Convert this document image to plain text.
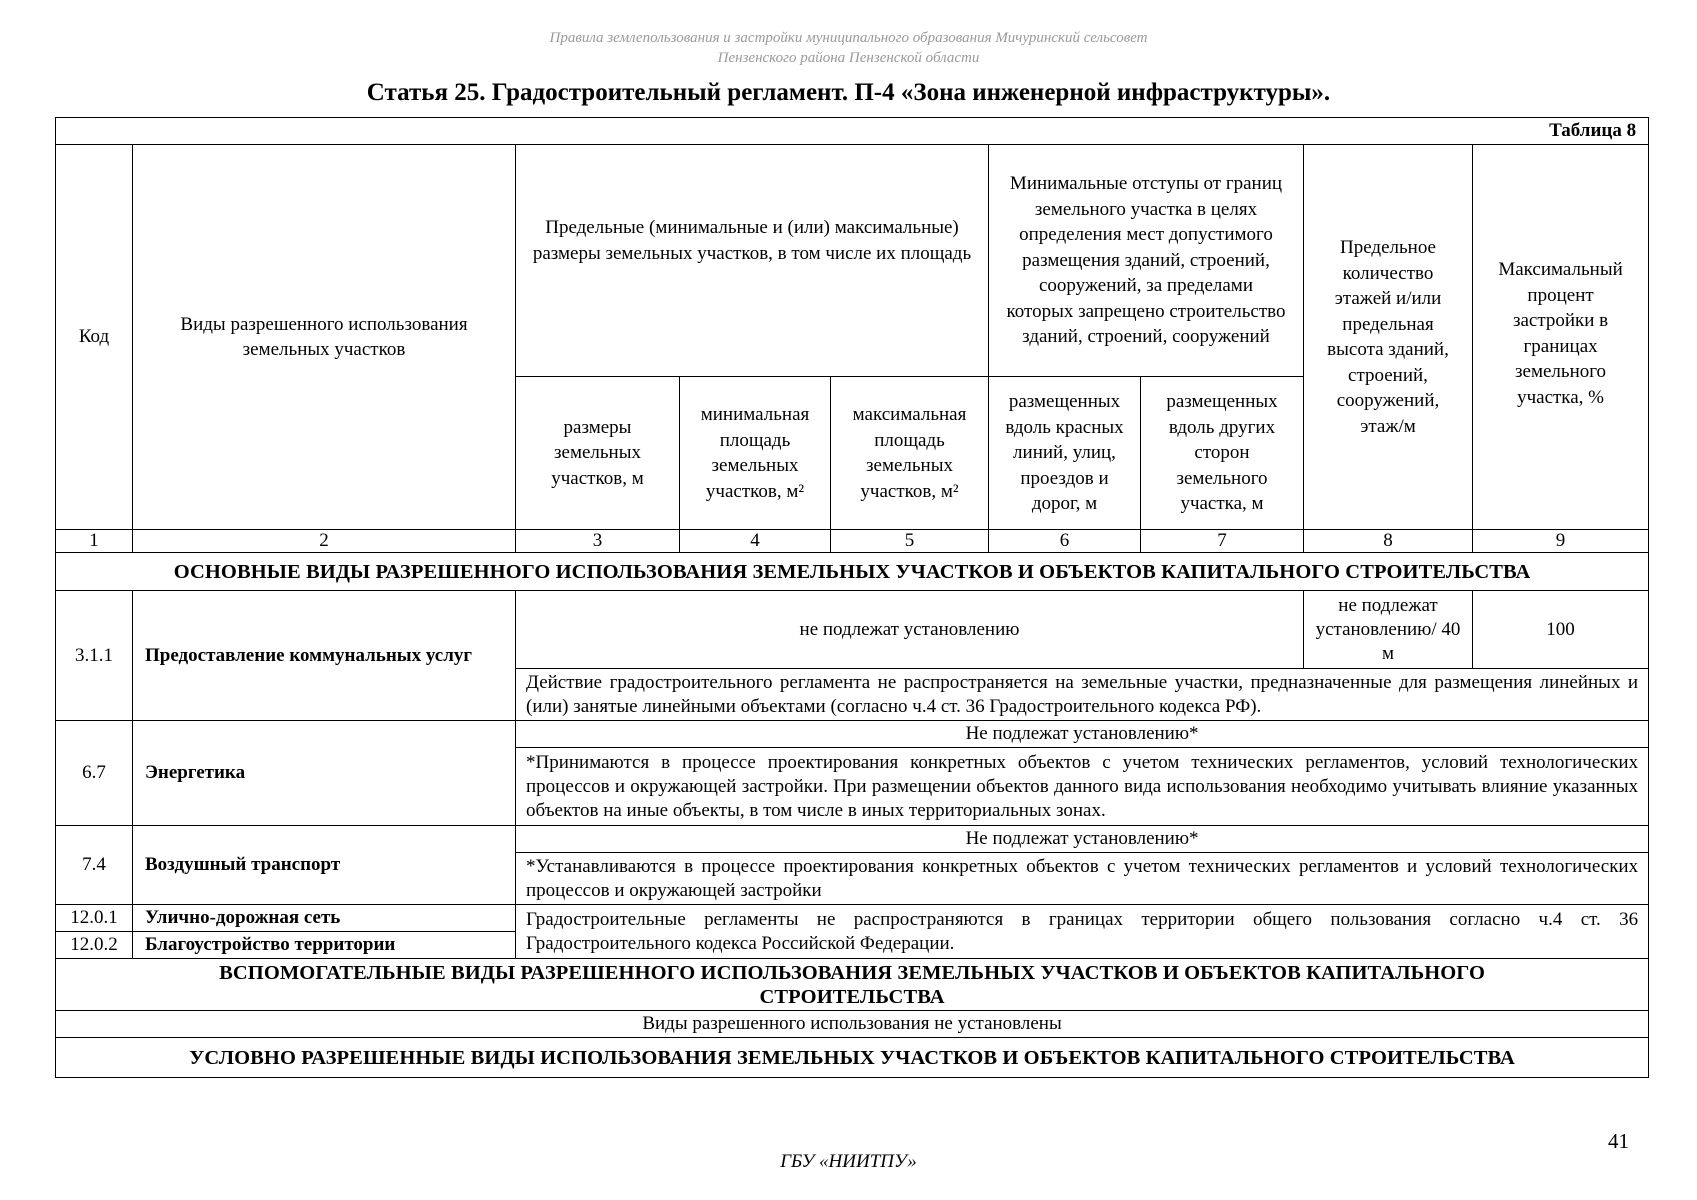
Правила землепользования и застройки муниципального образования Мичуринский сельсовет
Пензенского района Пензенской области
Статья 25. Градостроительный регламент. П-4 «Зона инженерной инфраструктуры».
Таблица 8								
Код	Виды разрешенного использования земельных участков	Предельные (минимальные и (или) максимальные) размеры земельных участков, в том числе их площадь			Минимальные отступы от границ земельного участка в целях определения мест допустимого размещения зданий, строений, сооружений, за пределами которых запрещено строительство зданий, строений, сооружений		Предельное количество этажей и/или предельная высота зданий, строений, сооружений, этаж/м	Максимальный процент застройки в границах земельного участка, %
		размеры земельных участков, м	минимальная площадь земельных участков, м²	максимальная площадь земельных участков, м²	размещенных вдоль красных линий, улиц, проездов и дорог, м	размещенных вдоль других сторон земельного участка, м		
1	2	3	4	5	6	7	8	9
ОСНОВНЫЕ ВИДЫ РАЗРЕШЕННОГО ИСПОЛЬЗОВАНИЯ ЗЕМЕЛЬНЫХ УЧАСТКОВ И ОБЪЕКТОВ КАПИТАЛЬНОГО СТРОИТЕЛЬСТВА								
3.1.1	Предоставление коммунальных услуг	не подлежат установлению					не подлежат установлению/ 40 м	100
		Действие градостроительного регламента не распространяется на земельные участки, предназначенные для размещения линейных и (или) занятые линейными объектами (согласно ч.4 ст. 36 Градостроительного кодекса РФ).						
6.7	Энергетика	Не подлежат установлению*						
		*Принимаются в процессе проектирования конкретных объектов с учетом технических регламентов, условий технологических процессов и окружающей застройки. При размещении объектов данного вида использования необходимо учитывать влияние указанных объектов на иные объекты, в том числе в иных территориальных зонах.						
7.4	Воздушный транспорт	Не подлежат установлению*						
		*Устанавливаются в процессе проектирования конкретных объектов с учетом технических регламентов и условий технологических процессов и окружающей застройки						
12.0.1	Улично-дорожная сеть	Градостроительные регламенты не распространяются в границах территории общего пользования согласно ч.4 ст. 36 Градостроительного кодекса Российской Федерации.						
12.0.2	Благоустройство территории							
ВСПОМОГАТЕЛЬНЫЕ ВИДЫ РАЗРЕШЕННОГО ИСПОЛЬЗОВАНИЯ ЗЕМЕЛЬНЫХ УЧАСТКОВ И ОБЪЕКТОВ КАПИТАЛЬНОГО СТРОИТЕЛЬСТВА								
Виды разрешенного использования не установлены								
УСЛОВНО РАЗРЕШЕННЫЕ ВИДЫ ИСПОЛЬЗОВАНИЯ ЗЕМЕЛЬНЫХ УЧАСТКОВ И ОБЪЕКТОВ КАПИТАЛЬНОГО СТРОИТЕЛЬСТВА								
41
ГБУ «НИИТПУ»
